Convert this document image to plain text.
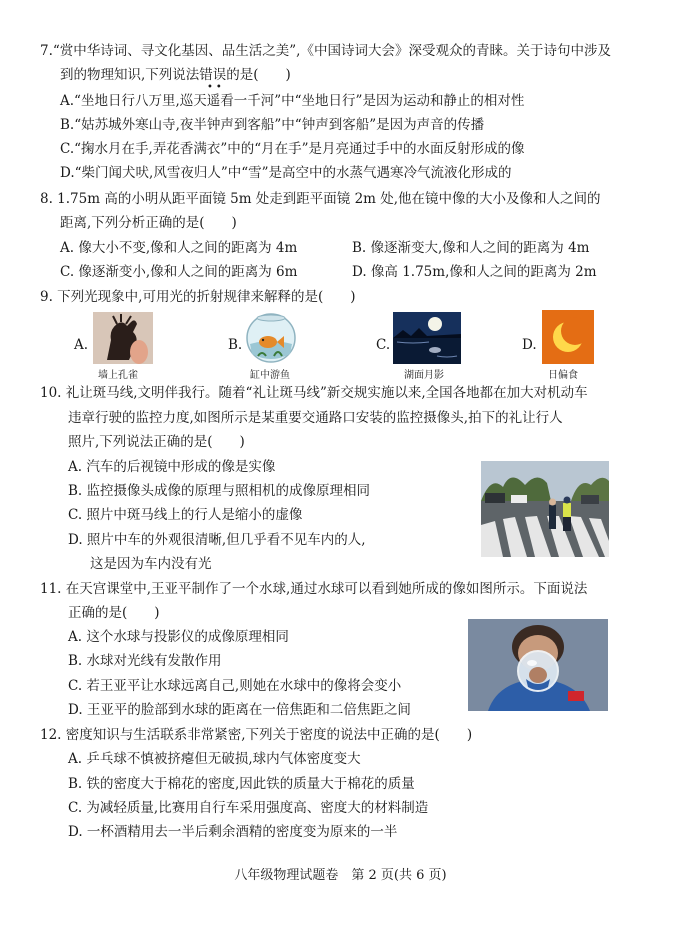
7.“赏中华诗词、寻文化基因、品生活之美”,《中国诗词大会》深受观众的青睐。关于诗句中涉及
到的物理知识,下列说法错误的是(　　)
••
A.“坐地日行八万里,巡天遥看一千河”中“坐地日行”是因为运动和静止的相对性
B.“姑苏城外寒山寺,夜半钟声到客船”中“钟声到客船”是因为声音的传播
C.“掬水月在手,弄花香满衣”中的“月在手”是月亮通过手中的水面反射形成的像
D.“柴门闻犬吠,风雪夜归人”中“雪”是高空中的水蒸气遇寒冷气流液化形成的
8. 1.75m 高的小明从距平面镜 5m 处走到距平面镜 2m 处,他在镜中像的大小及像和人之间的
距离,下列分析正确的是(　　)
A. 像大小不变,像和人之间的距离为 4m	B. 像逐渐变大,像和人之间的距离为 4m
C. 像逐渐变小,像和人之间的距离为 6m	D. 像高 1.75m,像和人之间的距离为 2m
9. 下列光现象中,可用光的折射规律来解释的是(　　)
A.
墙上孔雀
B.
缸中游鱼
C.
湖面月影
D.
日偏食
10. 礼让斑马线,文明伴我行。随着“礼让斑马线”新交规实施以来,全国各地都在加大对机动车
违章行驶的监控力度,如图所示是某重要交通路口安装的监控摄像头,拍下的礼让行人
照片,下列说法正确的是(　　)
A. 汽车的后视镜中形成的像是实像
B. 监控摄像头成像的原理与照相机的成像原理相同
C. 照片中斑马线上的行人是缩小的虚像
D. 照片中车的外观很清晰,但几乎看不见车内的人,
这是因为车内没有光
11. 在天宫课堂中,王亚平制作了一个水球,通过水球可以看到她所成的像如图所示。下面说法
正确的是(　　)
A. 这个水球与投影仪的成像原理相同
B. 水球对光线有发散作用
C. 若王亚平让水球远离自己,则她在水球中的像将会变小
D. 王亚平的脸部到水球的距离在一倍焦距和二倍焦距之间
12. 密度知识与生活联系非常紧密,下列关于密度的说法中正确的是(　　)
A. 乒乓球不慎被挤瘪但无破损,球内气体密度变大
B. 铁的密度大于棉花的密度,因此铁的质量大于棉花的质量
C. 为减轻质量,比赛用自行车采用强度高、密度大的材料制造
D. 一杯酒精用去一半后剩余酒精的密度变为原来的一半
八年级物理试题卷　第 2 页(共 6 页)
